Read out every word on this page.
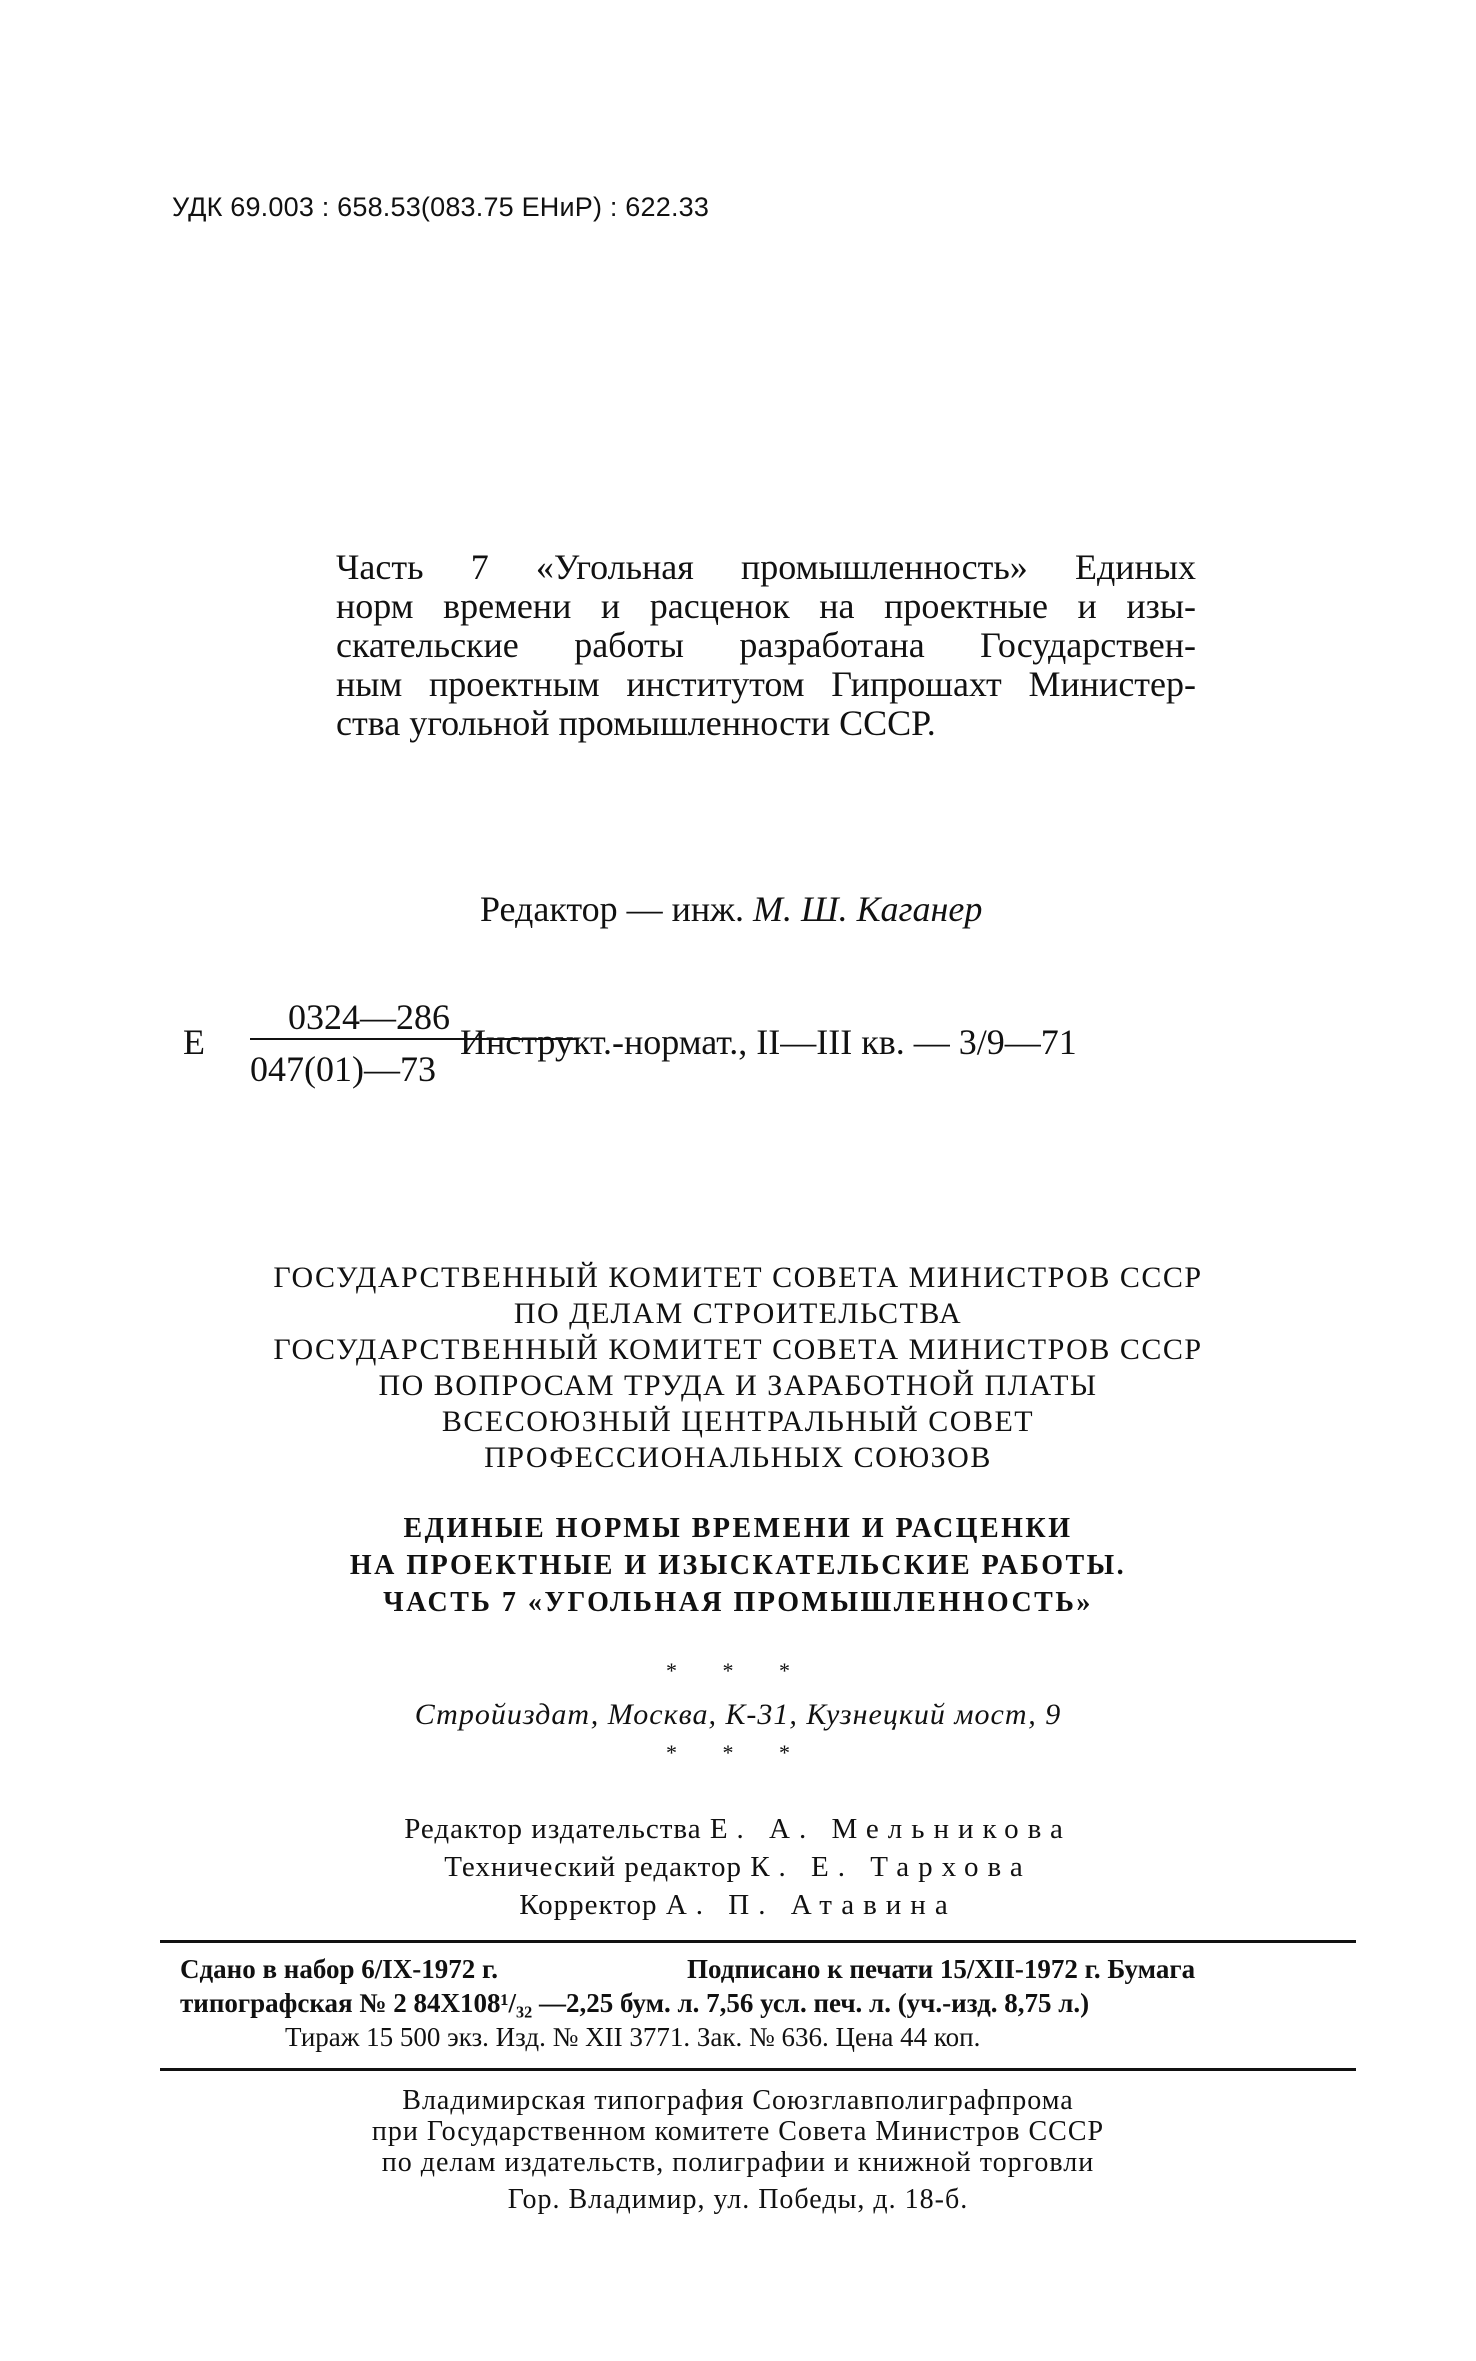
УДК 69.003 : 658.53(083.75 ЕНиР) : 622.33
Часть 7 «Угольная промышленность» Единых
норм времени и расценок на проектные и изы-
скательские работы разработана Государствен-
ным проектным институтом Гипрошахт Министер-
ства угольной промышленности СССР.
Редактор — инж. М. Ш. Каганер
Е
0324—286
047(01)—73
Инструкт.-нормат., II—III кв. — 3/9—71
ГОСУДАРСТВЕННЫЙ КОМИТЕТ СОВЕТА МИНИСТРОВ СССР
ПО ДЕЛАМ СТРОИТЕЛЬСТВА
ГОСУДАРСТВЕННЫЙ КОМИТЕТ СОВЕТА МИНИСТРОВ СССР
ПО ВОПРОСАМ ТРУДА И ЗАРАБОТНОЙ ПЛАТЫ
ВСЕСОЮЗНЫЙ ЦЕНТРАЛЬНЫЙ СОВЕТ
ПРОФЕССИОНАЛЬНЫХ СОЮЗОВ
ЕДИНЫЕ НОРМЫ ВРЕМЕНИ И РАСЦЕНКИ
НА ПРОЕКТНЫЕ И ИЗЫСКАТЕЛЬСКИЕ РАБОТЫ.
ЧАСТЬ 7 «УГОЛЬНАЯ ПРОМЫШЛЕННОСТЬ»
* * *
Стройиздат, Москва, К-31, Кузнецкий мост, 9
* * *
Редактор издательства Е. А. Мельникова
Технический редактор К. Е. Тархова
Корректор А. П. Атавина
Сдано в набор 6/IX-1972 г.	Подписано к печати 15/XII-1972 г. Бумага
типографская № 2 84Х108¹/₃₂ —2,25 бум. л. 7,56 усл. печ. л. (уч.-изд. 8,75 л.)
Тираж 15 500 экз. Изд. № XII 3771. Зак. № 636. Цена 44 коп.
Владимирская типография Союзглавполиграфпрома
при Государственном комитете Совета Министров СССР
по делам издательств, полиграфии и книжной торговли
Гор. Владимир, ул. Победы, д. 18-б.
